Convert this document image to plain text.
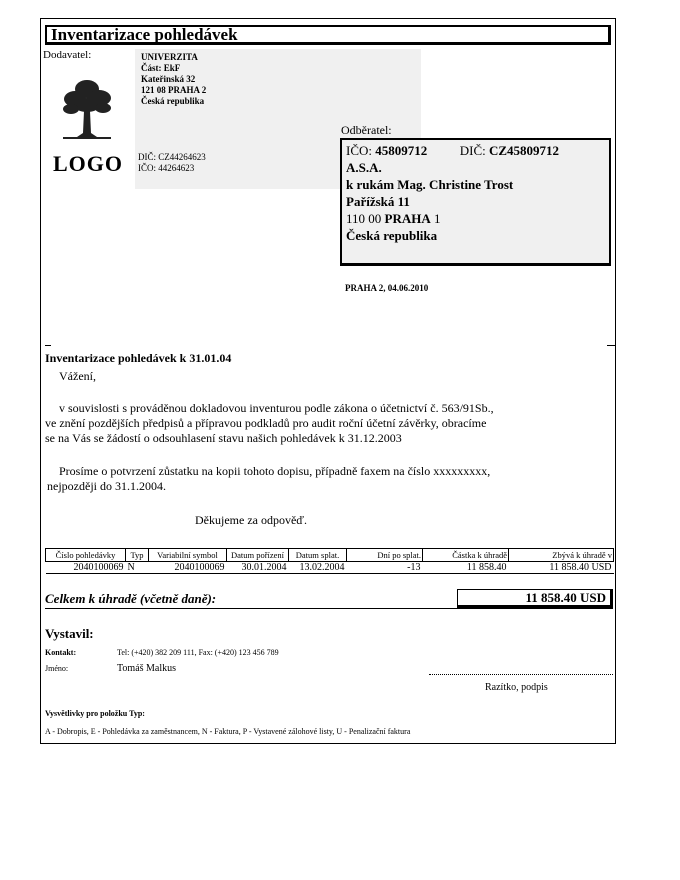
Inventarizace pohledávek
Dodavatel:	UNIVERZITA
Část: EkF
Kateřinská 32
121 08 PRAHA 2
Česká republika
LOGO DIČ: CZ44264623
IČO: 44264623
Odběratel:
IČO: 45809712	DIČ: CZ45809712
A.S.A.
k rukám Mag. Christine Trost
Pařížská 11
110 00 PRAHA 1
Česká republika
PRAHA 2, 04.06.2010
Inventarizace pohledávek k 31.01.04
Vážení,
v souvislosti s prováděnou dokladovou inventurou podle zákona o účetnictví č. 563/91Sb.,
ve znění pozdějších předpisů a přípravou podkladů pro audit roční účetní závěrky, obracíme
se na Vás se žádostí o odsouhlasení stavu našich pohledávek k 31.12.2003
Prosíme o potvrzení zůstatku na kopii tohoto dopisu, případně faxem na číslo xxxxxxxxx,
nejpozději do 31.1.2004.
Děkujeme za odpověď.
Číslo pohledávky	Typ	Variabilní symbol	Datum pořízení	Datum splat.	Dní po splat.	Částka k úhradě	Zbývá k úhradě v
2040100069	N	2040100069	30.01.2004	13.02.2004	-13	11 858.40	11 858.40 USD
Celkem k úhradě (včetně daně):	11 858.40 USD
Vystavil:
Kontakt:	Tel: (+420) 382 209 111, Fax: (+420) 123 456 789
Jméno:	Tomáš Malkus
Razítko, podpis
Vysvětlivky pro položku Typ:
A - Dobropis, E - Pohledávka za zaměstnancem, N - Faktura, P - Vystavené zálohové listy, U - Penalizační faktura
